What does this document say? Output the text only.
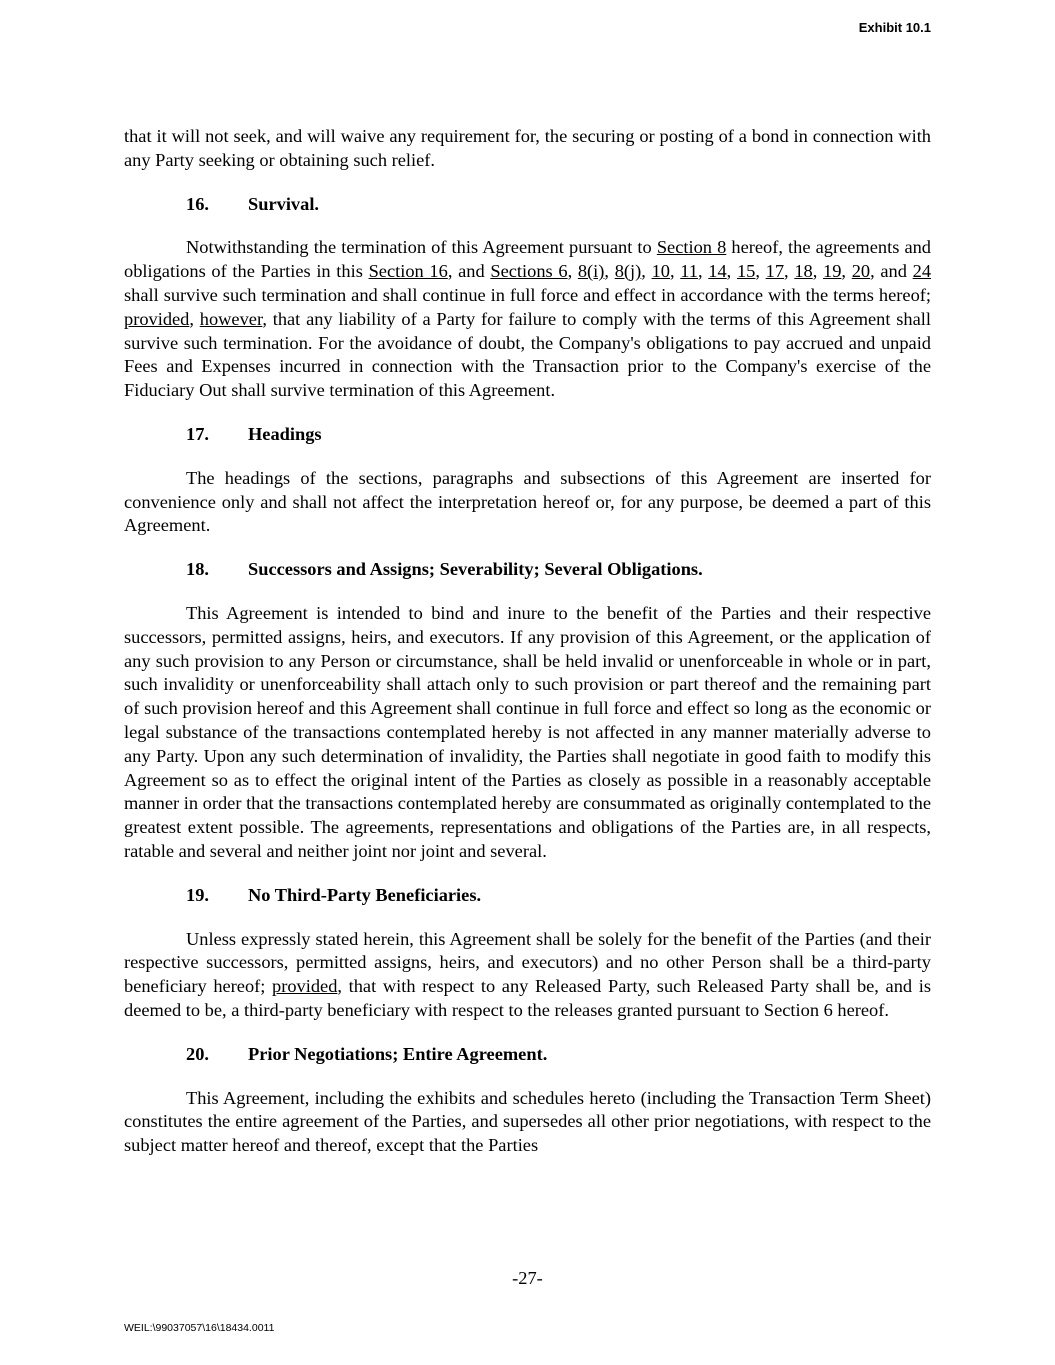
Exhibit 10.1

that it will not seek, and will waive any requirement for, the securing or posting of a bond in connection with any Party seeking or obtaining such relief.

16. Survival.

Notwithstanding the termination of this Agreement pursuant to Section 8 hereof, the agreements and obligations of the Parties in this Section 16, and Sections 6, 8(i), 8(j), 10, 11, 14, 15, 17, 18, 19, 20, and 24 shall survive such termination and shall continue in full force and effect in accordance with the terms hereof; provided, however, that any liability of a Party for failure to comply with the terms of this Agreement shall survive such termination. For the avoidance of doubt, the Company's obligations to pay accrued and unpaid Fees and Expenses incurred in connection with the Transaction prior to the Company's exercise of the Fiduciary Out shall survive termination of this Agreement.

17. Headings

The headings of the sections, paragraphs and subsections of this Agreement are inserted for convenience only and shall not affect the interpretation hereof or, for any purpose, be deemed a part of this Agreement.

18. Successors and Assigns; Severability; Several Obligations.

This Agreement is intended to bind and inure to the benefit of the Parties and their respective successors, permitted assigns, heirs, and executors. If any provision of this Agreement, or the application of any such provision to any Person or circumstance, shall be held invalid or unenforceable in whole or in part, such invalidity or unenforceability shall attach only to such provision or part thereof and the remaining part of such provision hereof and this Agreement shall continue in full force and effect so long as the economic or legal substance of the transactions contemplated hereby is not affected in any manner materially adverse to any Party. Upon any such determination of invalidity, the Parties shall negotiate in good faith to modify this Agreement so as to effect the original intent of the Parties as closely as possible in a reasonably acceptable manner in order that the transactions contemplated hereby are consummated as originally contemplated to the greatest extent possible. The agreements, representations and obligations of the Parties are, in all respects, ratable and several and neither joint nor joint and several.

19. No Third-Party Beneficiaries.

Unless expressly stated herein, this Agreement shall be solely for the benefit of the Parties (and their respective successors, permitted assigns, heirs, and executors) and no other Person shall be a third-party beneficiary hereof; provided, that with respect to any Released Party, such Released Party shall be, and is deemed to be, a third-party beneficiary with respect to the releases granted pursuant to Section 6 hereof.

20. Prior Negotiations; Entire Agreement.

This Agreement, including the exhibits and schedules hereto (including the Transaction Term Sheet) constitutes the entire agreement of the Parties, and supersedes all other prior negotiations, with respect to the subject matter hereof and thereof, except that the Parties

-27-
WEIL:\99037057\16\18434.0011
